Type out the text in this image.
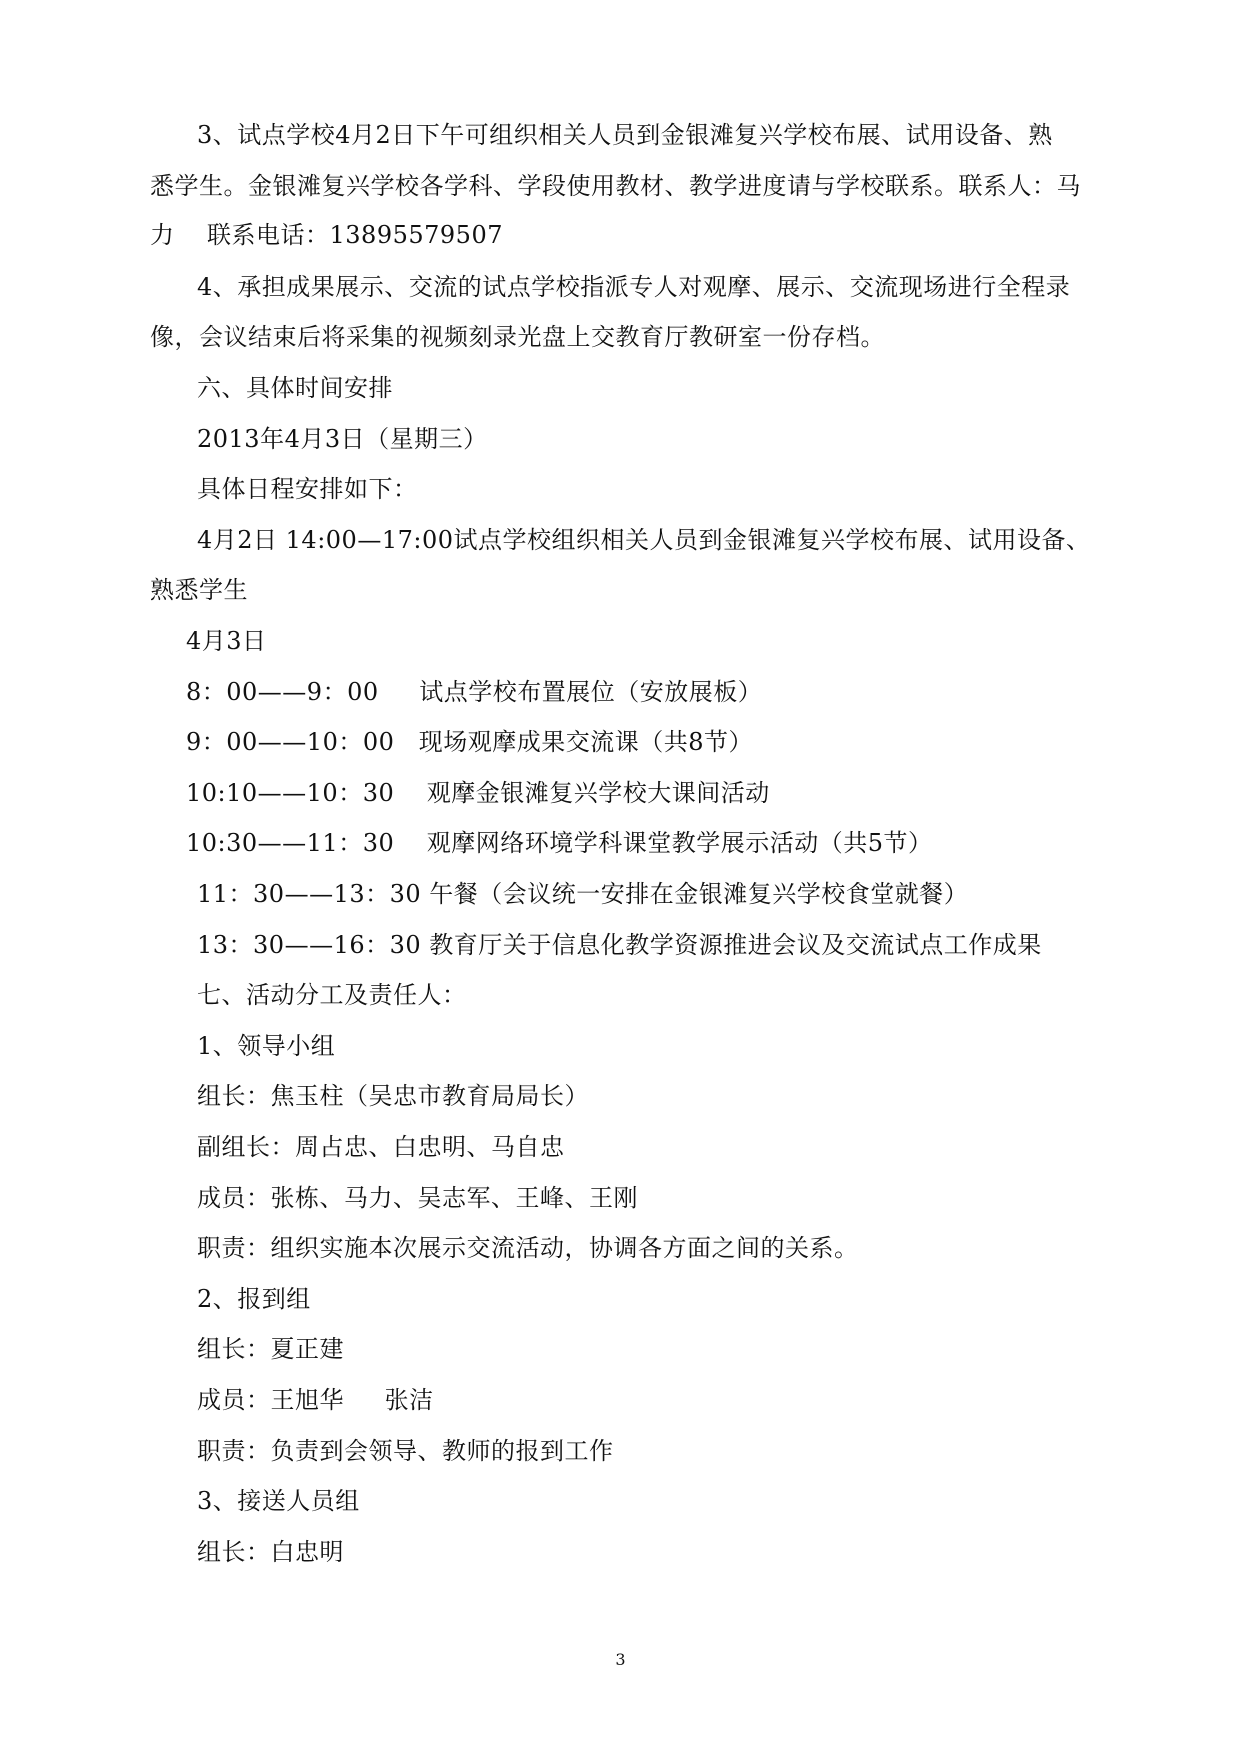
3、试点学校4月2日下午可组织相关人员到金银滩复兴学校布展、试用设备、熟
悉学生。金银滩复兴学校各学科、学段使用教材、教学进度请与学校联系。联系人：马
力    联系电话：13895579507
4、承担成果展示、交流的试点学校指派专人对观摩、展示、交流现场进行全程录
像，会议结束后将采集的视频刻录光盘上交教育厅教研室一份存档。
六、具体时间安排
2013年4月3日（星期三）
具体日程安排如下：
4月2日 14:00—17:00试点学校组织相关人员到金银滩复兴学校布展、试用设备、
熟悉学生
4月3日
8：00——9：00     试点学校布置展位（安放展板）
9：00——10：00   现场观摩成果交流课（共8节）
10:10——10：30    观摩金银滩复兴学校大课间活动
10:30——11：30    观摩网络环境学科课堂教学展示活动（共5节）
11：30——13：30 午餐（会议统一安排在金银滩复兴学校食堂就餐）
13：30——16：30 教育厅关于信息化教学资源推进会议及交流试点工作成果
七、活动分工及责任人：
1、领导小组
组长：焦玉柱（吴忠市教育局局长）
副组长：周占忠、白忠明、马自忠
成员：张栋、马力、吴志军、王峰、王刚
职责：组织实施本次展示交流活动，协调各方面之间的关系。
2、报到组
组长：夏正建
成员：王旭华     张洁
职责：负责到会领导、教师的报到工作
3、接送人员组
组长：白忠明
3
